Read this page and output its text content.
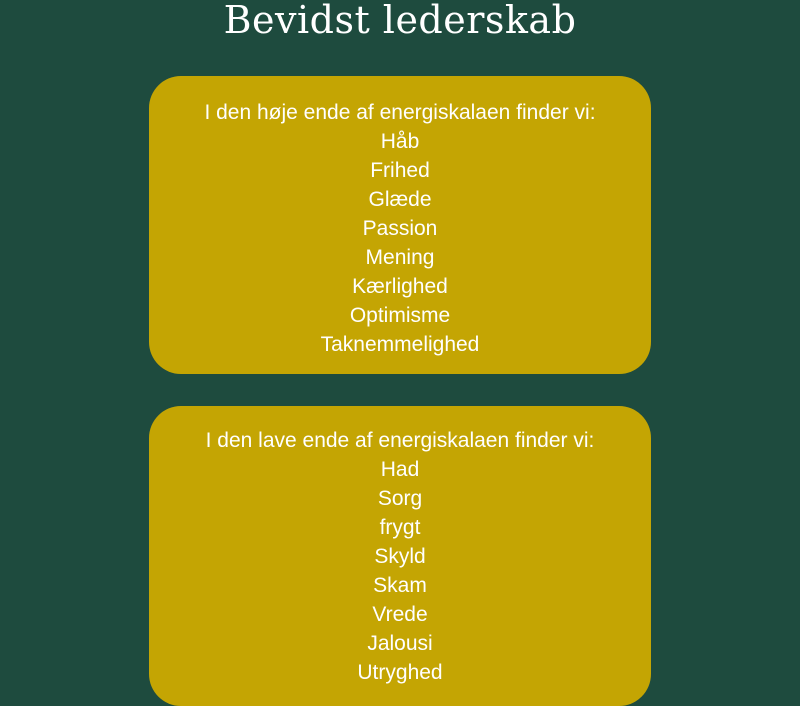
Bevidst lederskab
I den høje ende af energiskalaen finder vi:
Håb
Frihed
Glæde
Passion
Mening
Kærlighed
Optimisme
Taknemmelighed
I den lave ende af energiskalaen finder vi:
Had
Sorg
frygt
Skyld
Skam
Vrede
Jalousi
Utryghed
